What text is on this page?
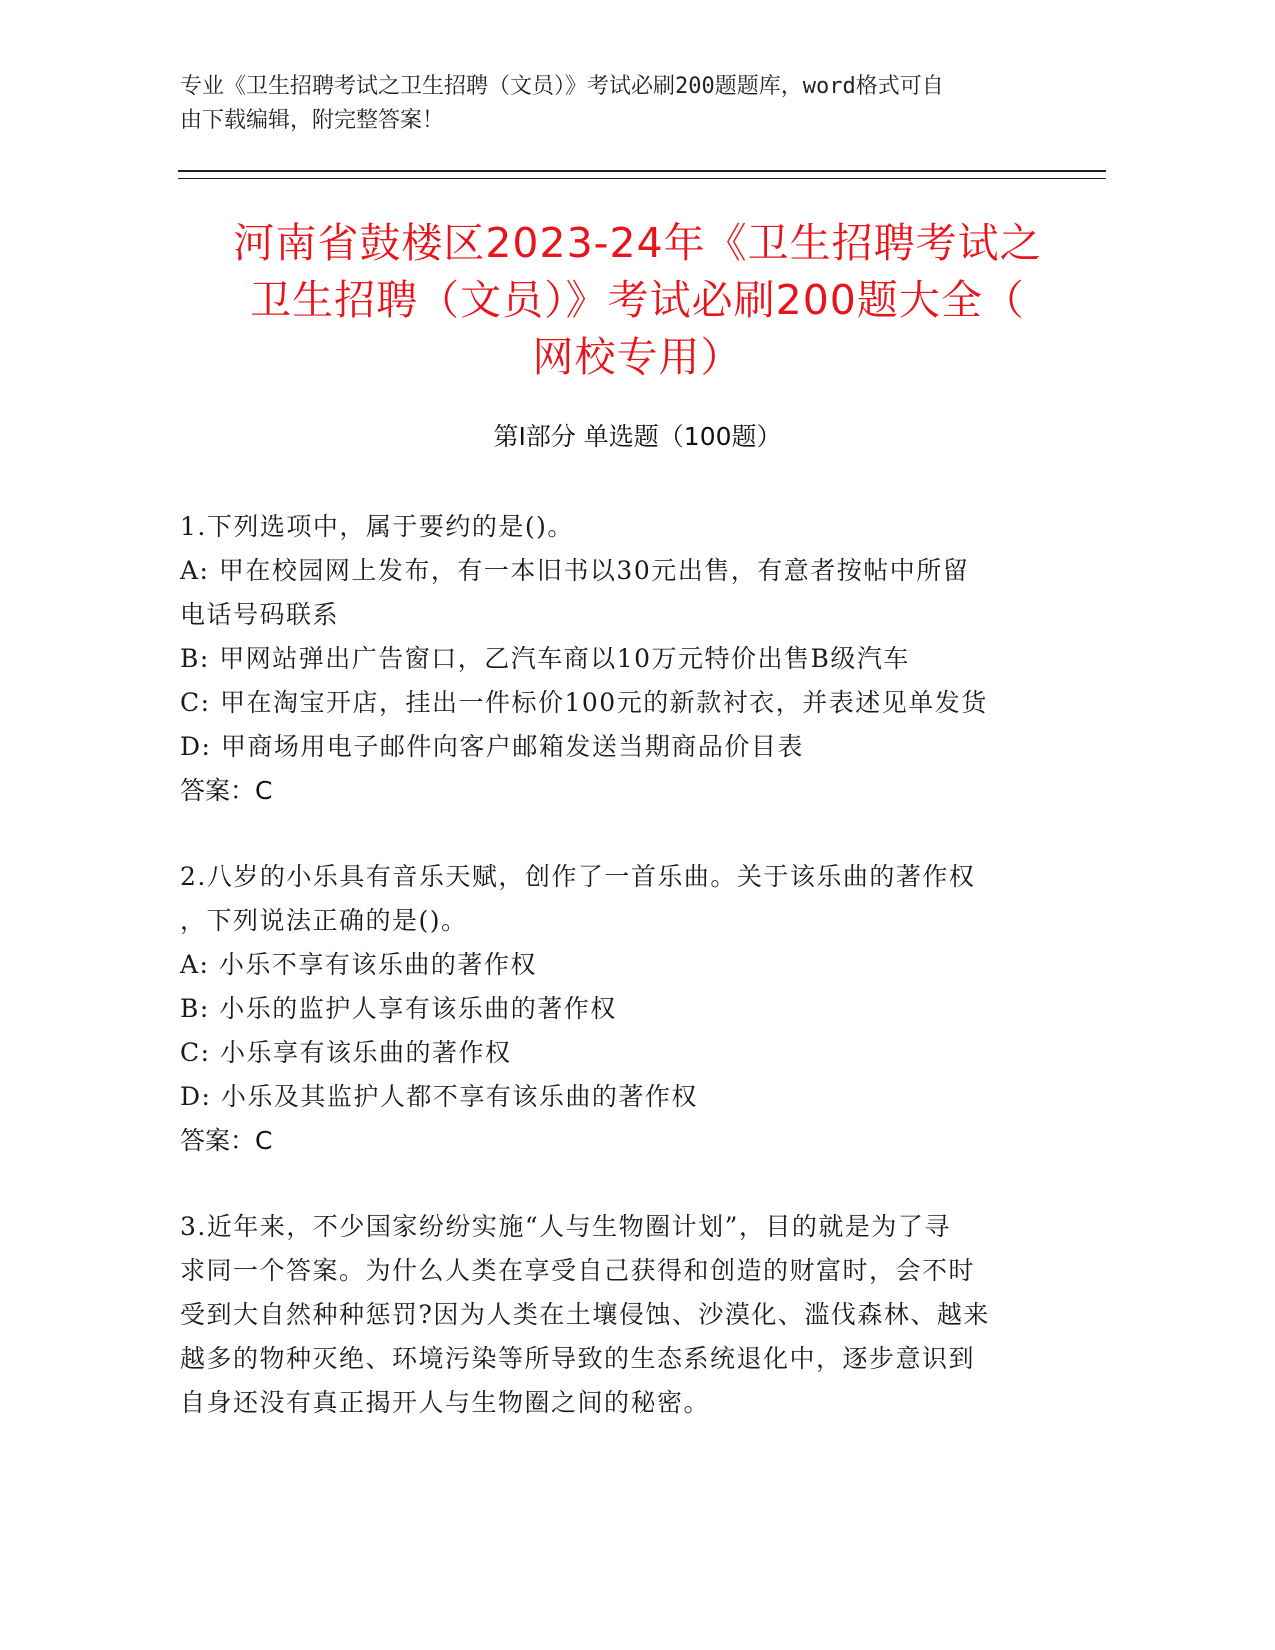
专业《卫生招聘考试之卫生招聘（文员）》考试必刷200题题库，word格式可自
由下载编辑，附完整答案！
河南省鼓楼区2023-24年《卫生招聘考试之
卫生招聘（文员）》考试必刷200题大全（
网校专用）
第Ⅰ部分 单选题（100题）
1.下列选项中，属于要约的是()。
A: 甲在校园网上发布，有一本旧书以30元出售，有意者按帖中所留
电话号码联系
B: 甲网站弹出广告窗口，乙汽车商以10万元特价出售B级汽车
C: 甲在淘宝开店，挂出一件标价100元的新款衬衣，并表述见单发货
D: 甲商场用电子邮件向客户邮箱发送当期商品价目表
答案：C
2.八岁的小乐具有音乐天赋，创作了一首乐曲。关于该乐曲的著作权
，下列说法正确的是()。
A: 小乐不享有该乐曲的著作权
B: 小乐的监护人享有该乐曲的著作权
C: 小乐享有该乐曲的著作权
D: 小乐及其监护人都不享有该乐曲的著作权
答案：C
3.近年来，不少国家纷纷实施“人与生物圈计划”，目的就是为了寻
求同一个答案。为什么人类在享受自己获得和创造的财富时，会不时
受到大自然种种惩罚?因为人类在土壤侵蚀、沙漠化、滥伐森林、越来
越多的物种灭绝、环境污染等所导致的生态系统退化中，逐步意识到
自身还没有真正揭开人与生物圈之间的秘密。
